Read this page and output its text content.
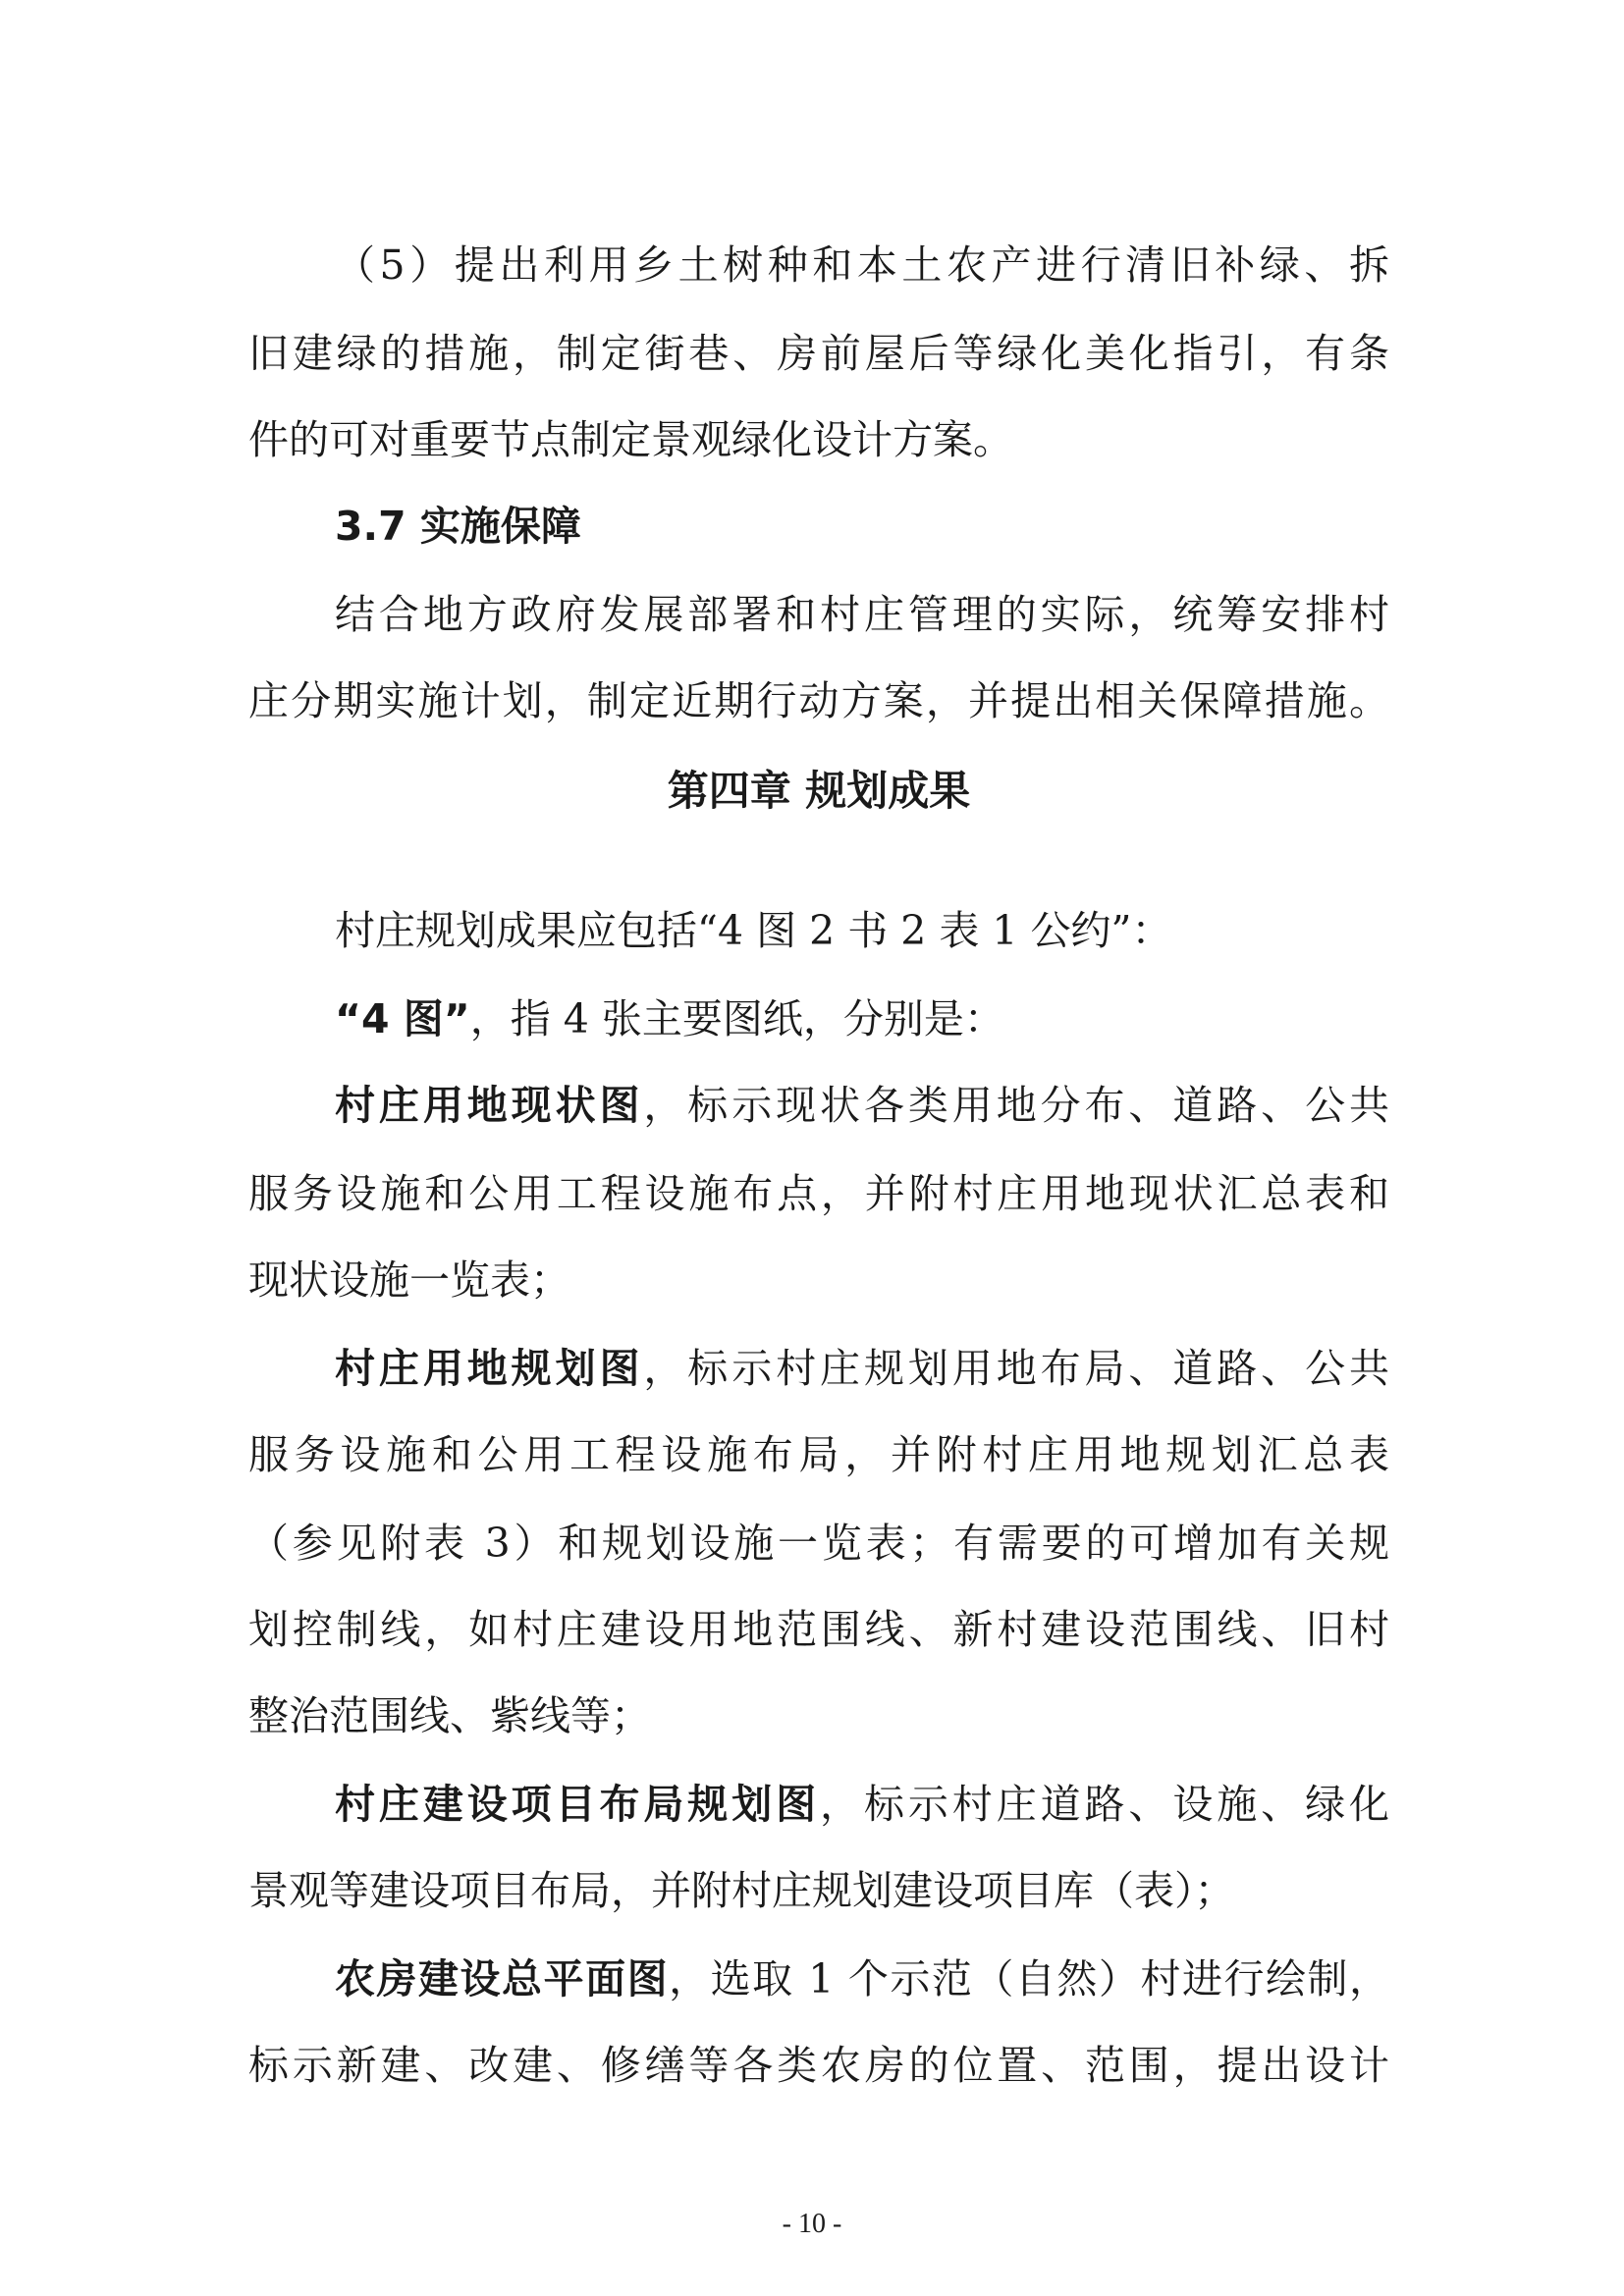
（5）提出利用乡土树种和本土农产进行清旧补绿、拆
旧建绿的措施，制定街巷、房前屋后等绿化美化指引，有条
件的可对重要节点制定景观绿化设计方案。
3.7 实施保障
结合地方政府发展部署和村庄管理的实际，统筹安排村
庄分期实施计划，制定近期行动方案，并提出相关保障措施。
第四章 规划成果
村庄规划成果应包括“4 图 2 书 2 表 1 公约”：
“4 图”，指 4 张主要图纸，分别是：
村庄用地现状图，标示现状各类用地分布、道路、公共
服务设施和公用工程设施布点，并附村庄用地现状汇总表和
现状设施一览表；
村庄用地规划图，标示村庄规划用地布局、道路、公共
服务设施和公用工程设施布局，并附村庄用地规划汇总表
（参见附表 3）和规划设施一览表；有需要的可增加有关规
划控制线，如村庄建设用地范围线、新村建设范围线、旧村
整治范围线、紫线等；
村庄建设项目布局规划图，标示村庄道路、设施、绿化
景观等建设项目布局，并附村庄规划建设项目库（表）；
农房建设总平面图，选取 1 个示范（自然）村进行绘制，
标示新建、改建、修缮等各类农房的位置、范围，提出设计
- 10 -
